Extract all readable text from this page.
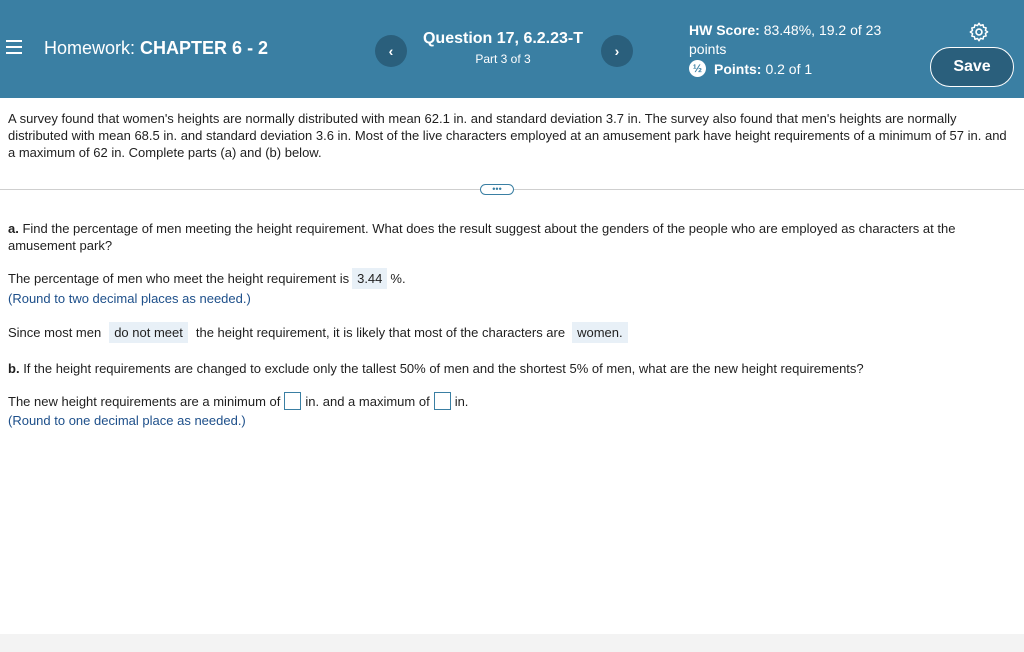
Homework: CHAPTER 6 - 2	‹
Question 17, 6.2.23-T
Part 3 of 3	›
HW Score: 83.48%, 19.2 of 23
points
½ Points: 0.2 of 1	Save
A survey found that women's heights are normally distributed with mean 62.1 in. and standard deviation 3.7 in. The survey also found that men's heights are normally distributed with mean 68.5 in. and standard deviation 3.6 in. Most of the live characters employed at an amusement park have height requirements of a minimum of 57 in. and a maximum of 62 in. Complete parts (a) and (b) below.
•••
a. Find the percentage of men meeting the height requirement. What does the result suggest about the genders of the people who are employed as characters at the amusement park?
The percentage of men who meet the height requirement is 3.44 %.
(Round to two decimal places as needed.)
Since most men	do not meet	the height requirement, it is likely that most of the characters are women.
b. If the height requirements are changed to exclude only the tallest 50% of men and the shortest 5% of men, what are the new height requirements?
The new height requirements are a minimum of in. and a maximum of in.
(Round to one decimal place as needed.)
